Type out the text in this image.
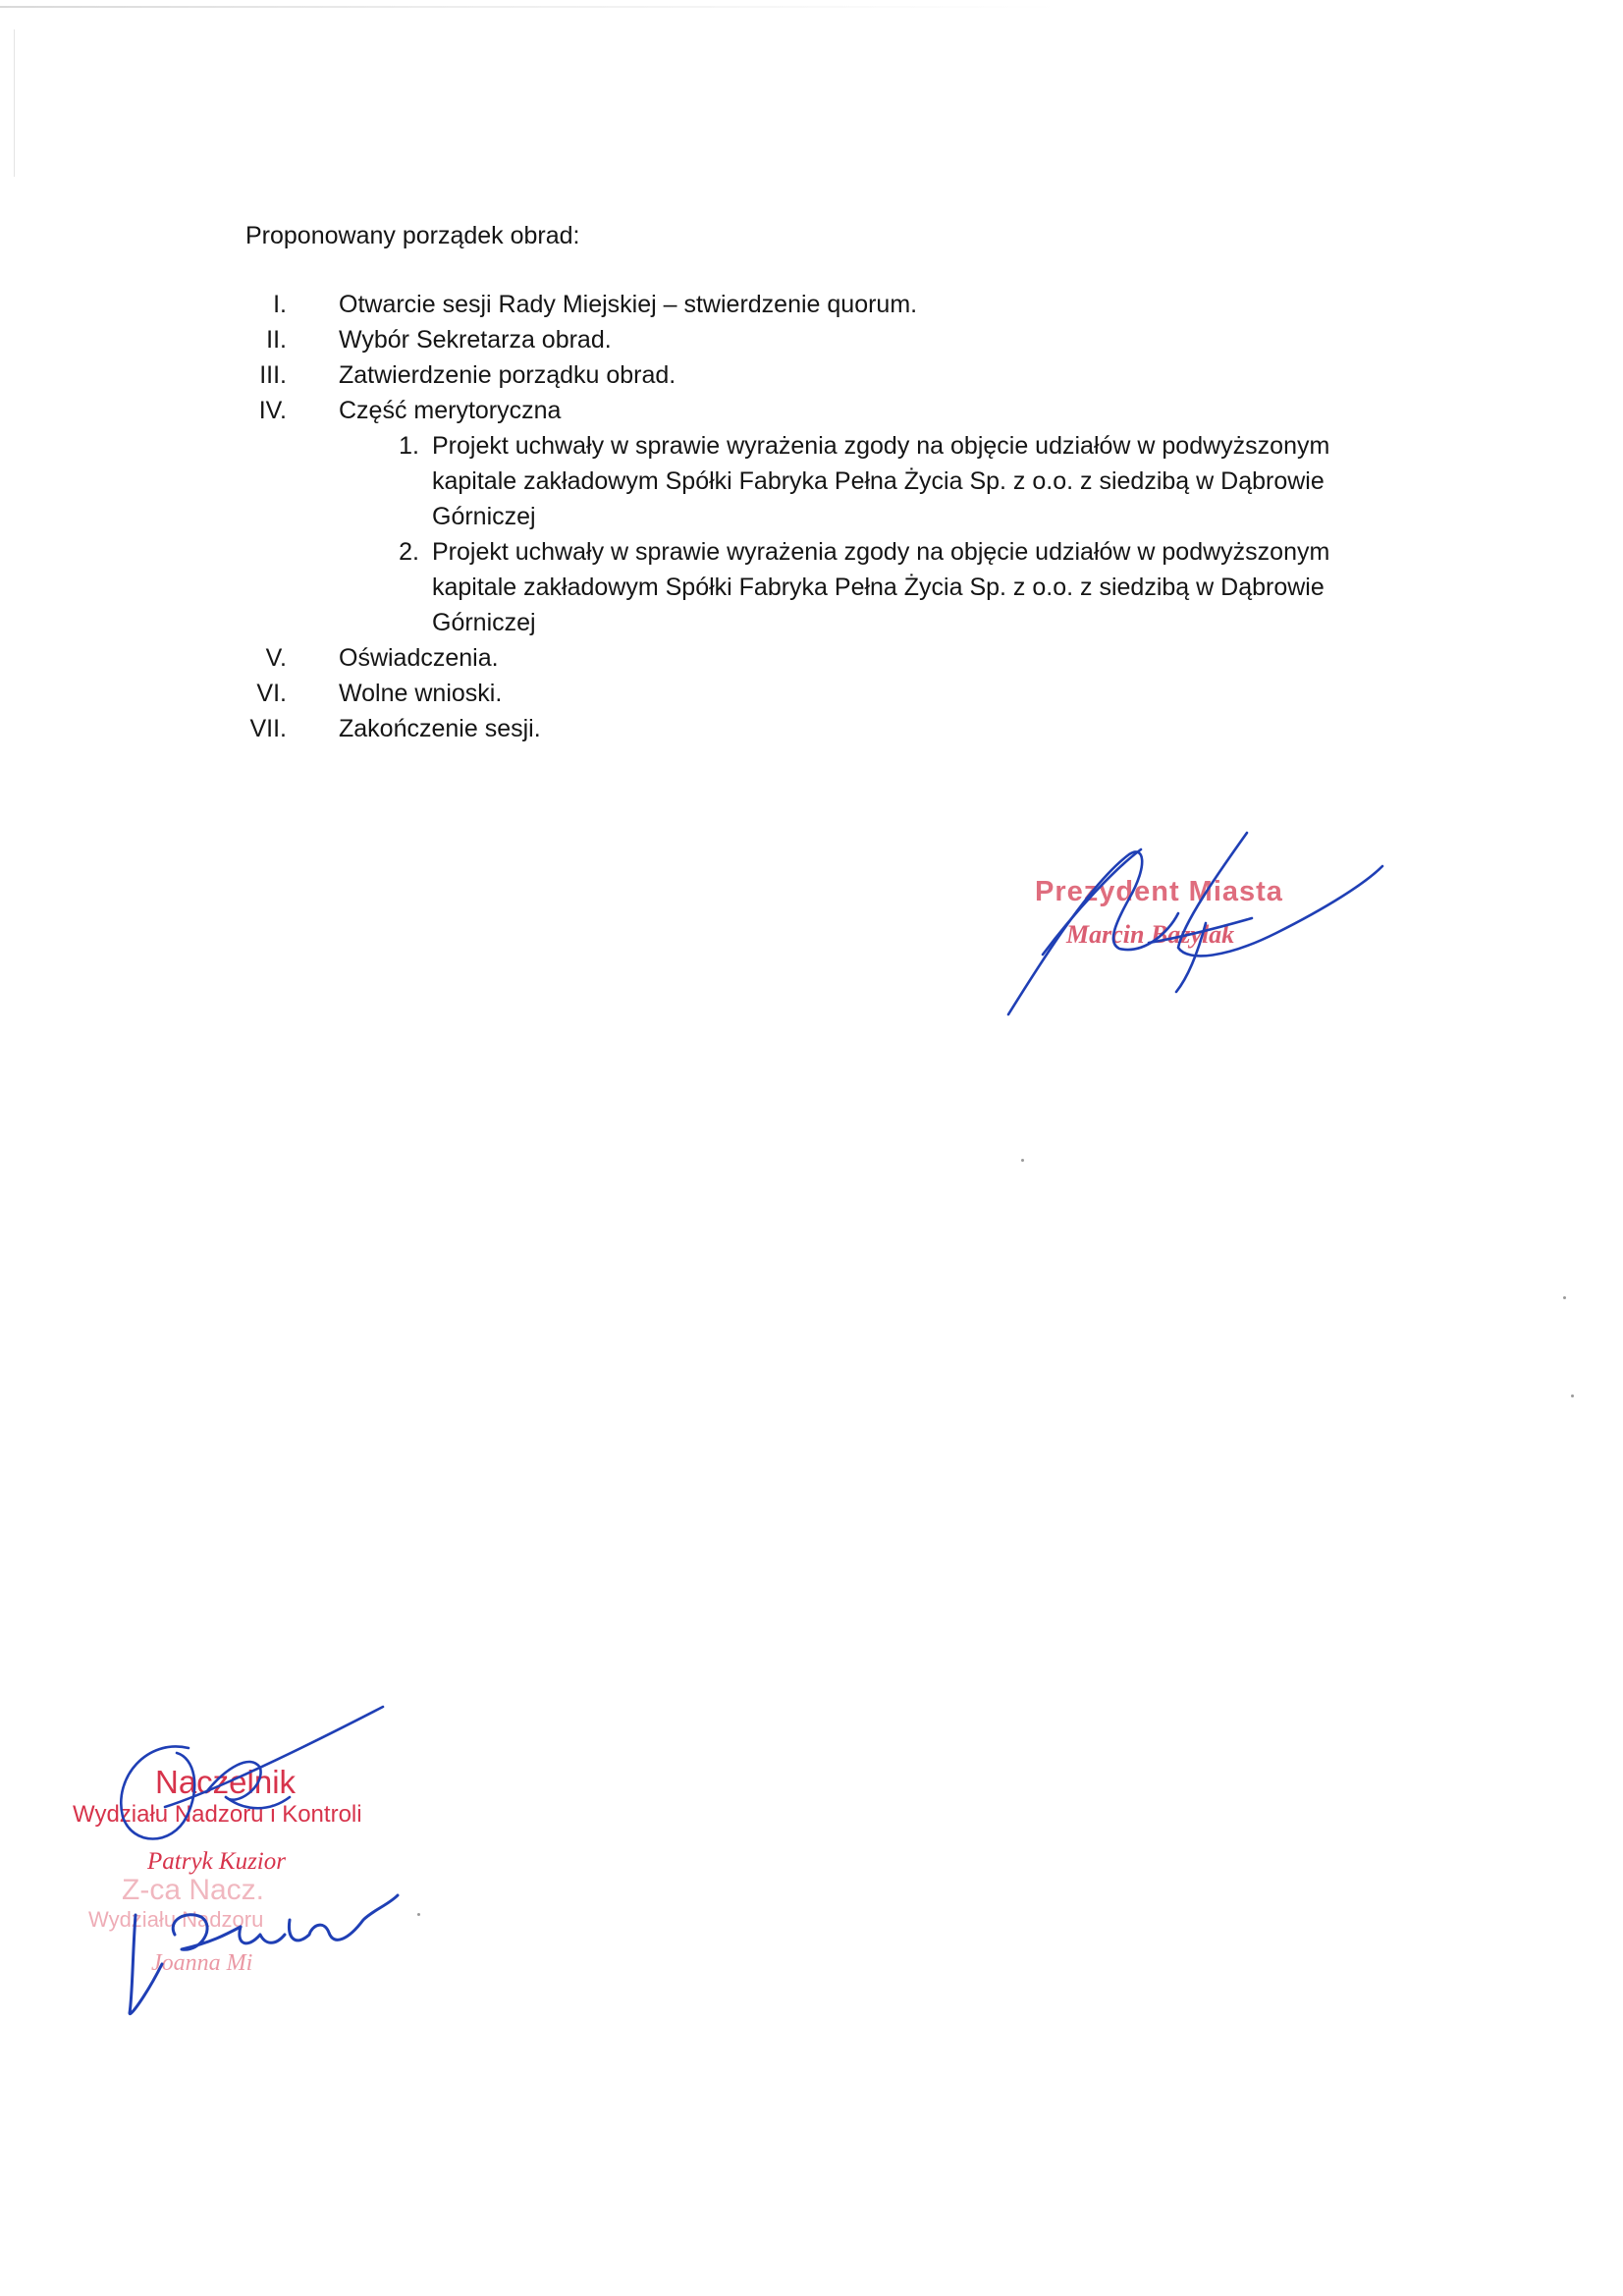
Proponowany porządek obrad:

I. Otwarcie sesji Rady Miejskiej – stwierdzenie quorum.
II. Wybór Sekretarza obrad.
III. Zatwierdzenie porządku obrad.
IV. Część merytoryczna
1. Projekt uchwały w sprawie wyrażenia zgody na objęcie udziałów w podwyższonym kapitale zakładowym Spółki Fabryka Pełna Życia Sp. z o.o. z siedzibą w Dąbrowie Górniczej
2. Projekt uchwały w sprawie wyrażenia zgody na objęcie udziałów w podwyższonym kapitale zakładowym Spółki Fabryka Pełna Życia Sp. z o.o. z siedzibą w Dąbrowie Górniczej
V. Oświadczenia.
VI. Wolne wnioski.
VII. Zakończenie sesji.
Prezydent Miasta
Marcin Bazylak
Naczelnik
Wydziału Nadzoru i Kontroli
Patryk Kuzior
Z-ca Nacz.
Wydziału Nadzoru
Joanna Mi
